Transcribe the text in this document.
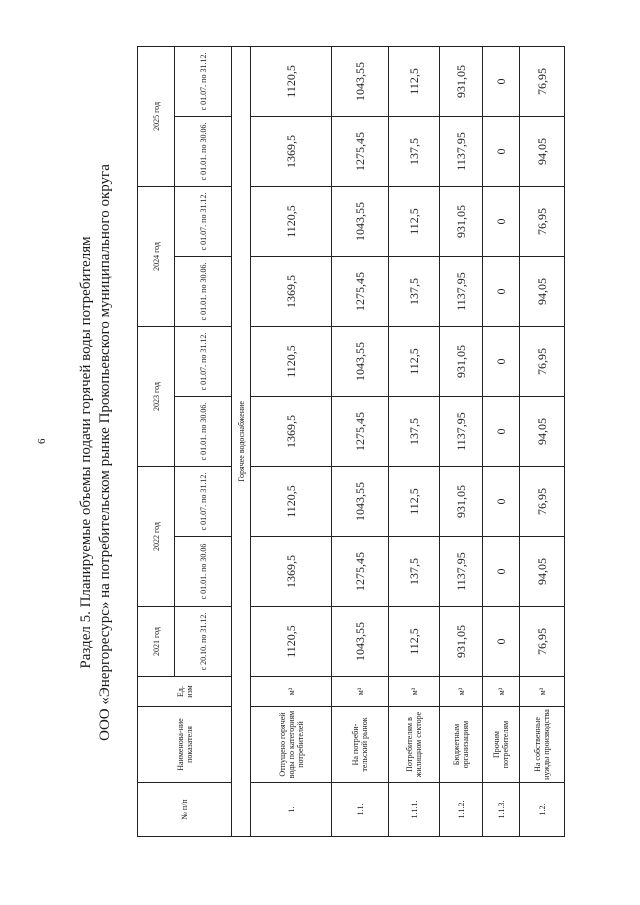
6 Раздел 5. Планируемые объемы подачи горячей воды потребителям ООО «Энергоресурс» на потребительском рынке Прокопьевского муниципального округа
№ п/п	Наименова-ние показателя	Ед. изм	2021 год	2022 год		2023 год		2024 год		2025 год	
			с 20.10. по 31.12.	с 01.01. по 30.06	с 01.07. по 31.12.	с 01.01. по 30.06.	с 01.07. по 31.12.	с 01.01. по 30.06.	с 01.07. по 31.12.	с 01.01. по 30.06.	с 01.07. по 31.12.
Горячее водоснабжение											
1.	Отпущено горячей воды по категориям потребителей	м³	1120,5	1369,5	1120,5	1369,5	1120,5	1369,5	1120,5	1369,5	1120,5
1.1.	На потреби-тельский рынок	м³	1043,55	1275,45	1043,55	1275,45	1043,55	1275,45	1043,55	1275,45	1043,55
1.1.1.	Потребителям в жилищном секторе	м³	112,5	137,5	112,5	137,5	112,5	137,5	112,5	137,5	112,5
1.1.2.	Бюджетным организациям	м³	931,05	1137,95	931,05	1137,95	931,05	1137,95	931,05	1137,95	931,05
1.1.3.	Прочим потребителям	м³	0	0	0	0	0	0	0	0	0
1.2.	На собственные нужды производства	м³	76,95	94,05	76,95	94,05	76,95	94,05	76,95	94,05	76,95
